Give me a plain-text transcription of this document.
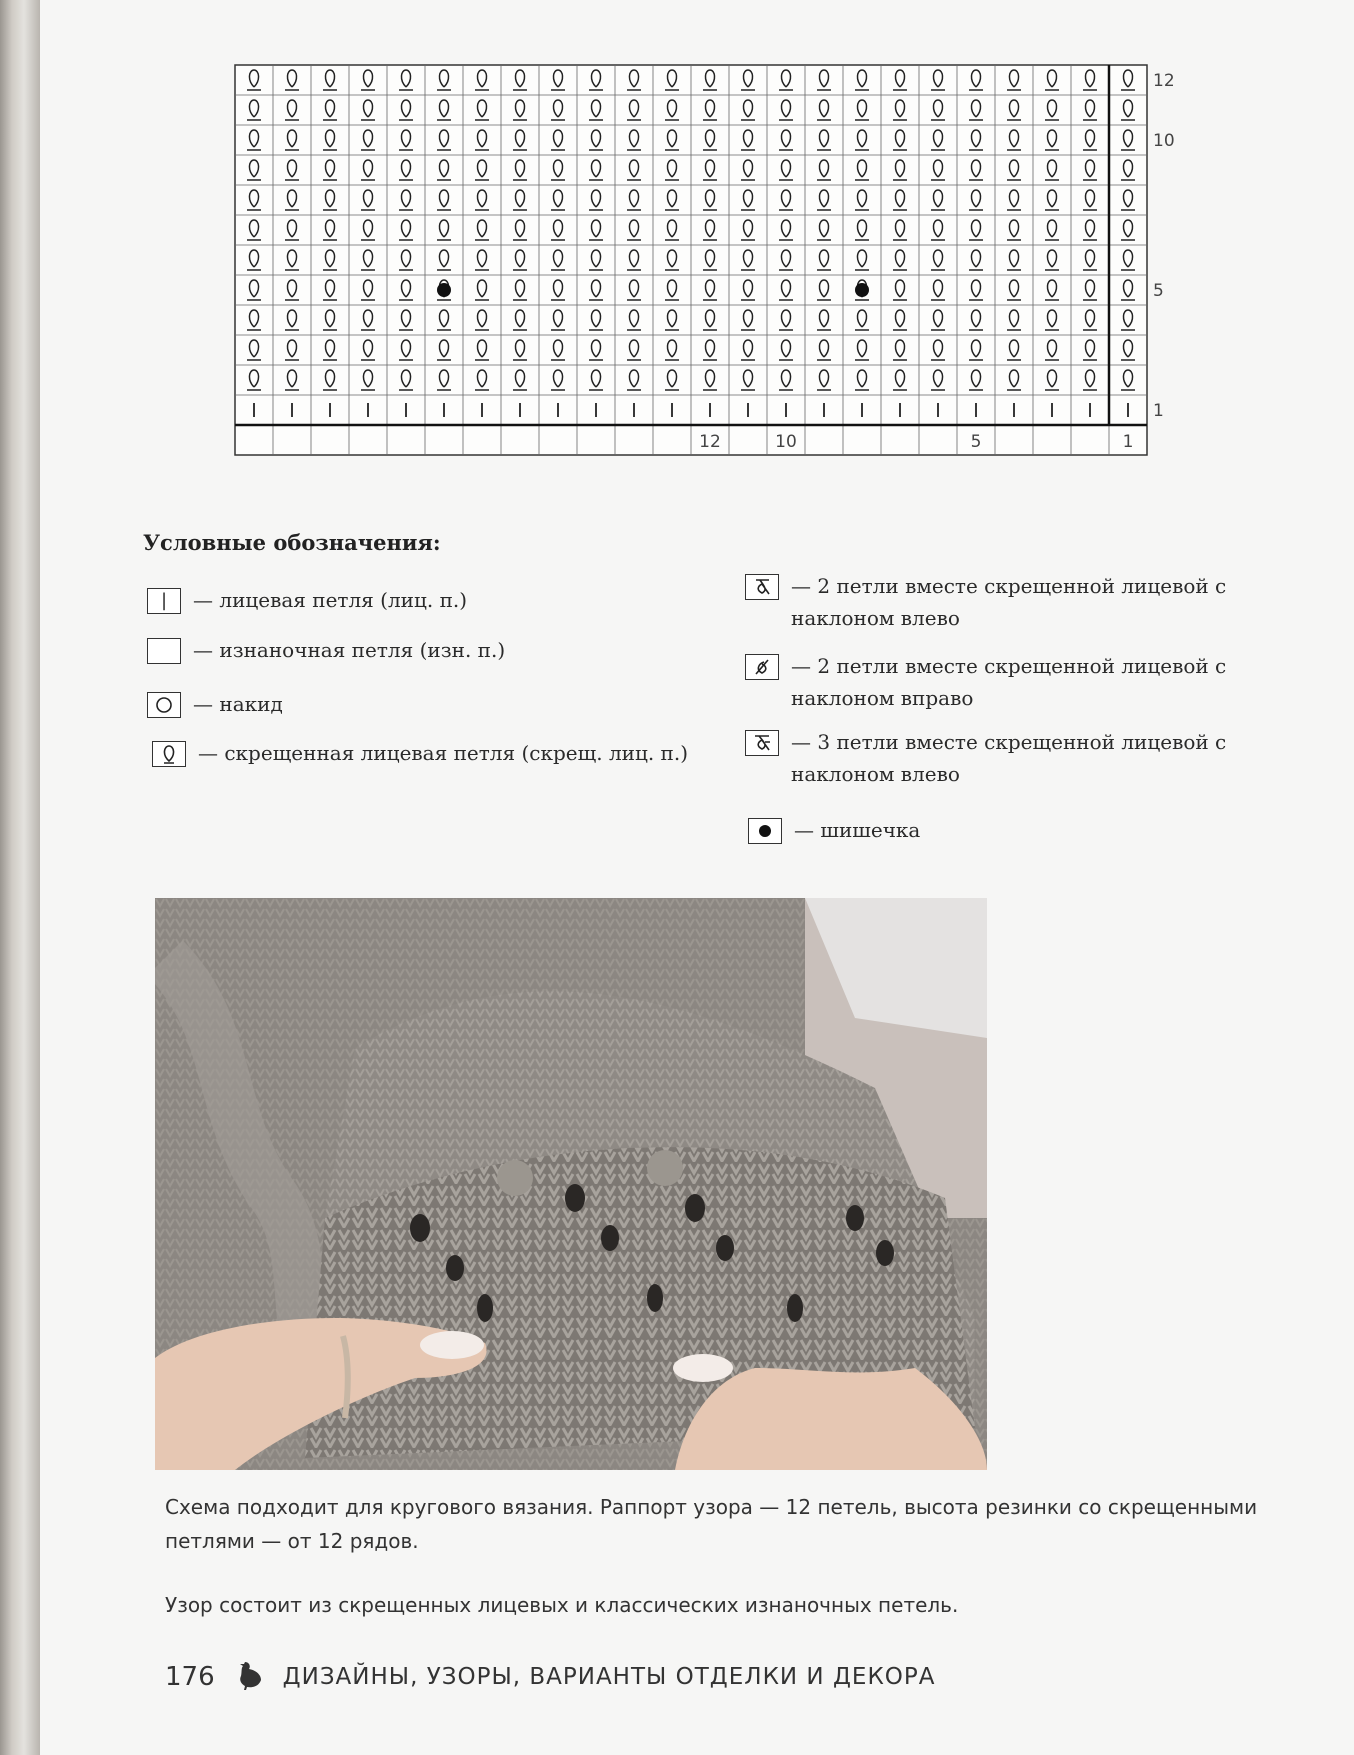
1
5
10
12
1
5
10
12
Условные обозначения:
| — лицевая петля (лиц. п.)
— изнаночная петля (изн. п.)
— накид
— скрещенная лицевая петля (скрещ. лиц. п.)
— 2 петли вместе скрещенной лицевой с наклоном влево
— 2 петли вместе скрещенной лицевой с наклоном вправо
— 3 петли вместе скрещенной лицевой с наклоном влево
— шишечка
Схема подходит для кругового вязания. Раппорт узора — 12 петель, высота резинки со скрещенными петлями — от 12 рядов.
Узор состоит из скрещенных лицевых и классических изнаночных петель.
176	ДИЗАЙНЫ, УЗОРЫ, ВАРИАНТЫ ОТДЕЛКИ И ДЕКОРА
